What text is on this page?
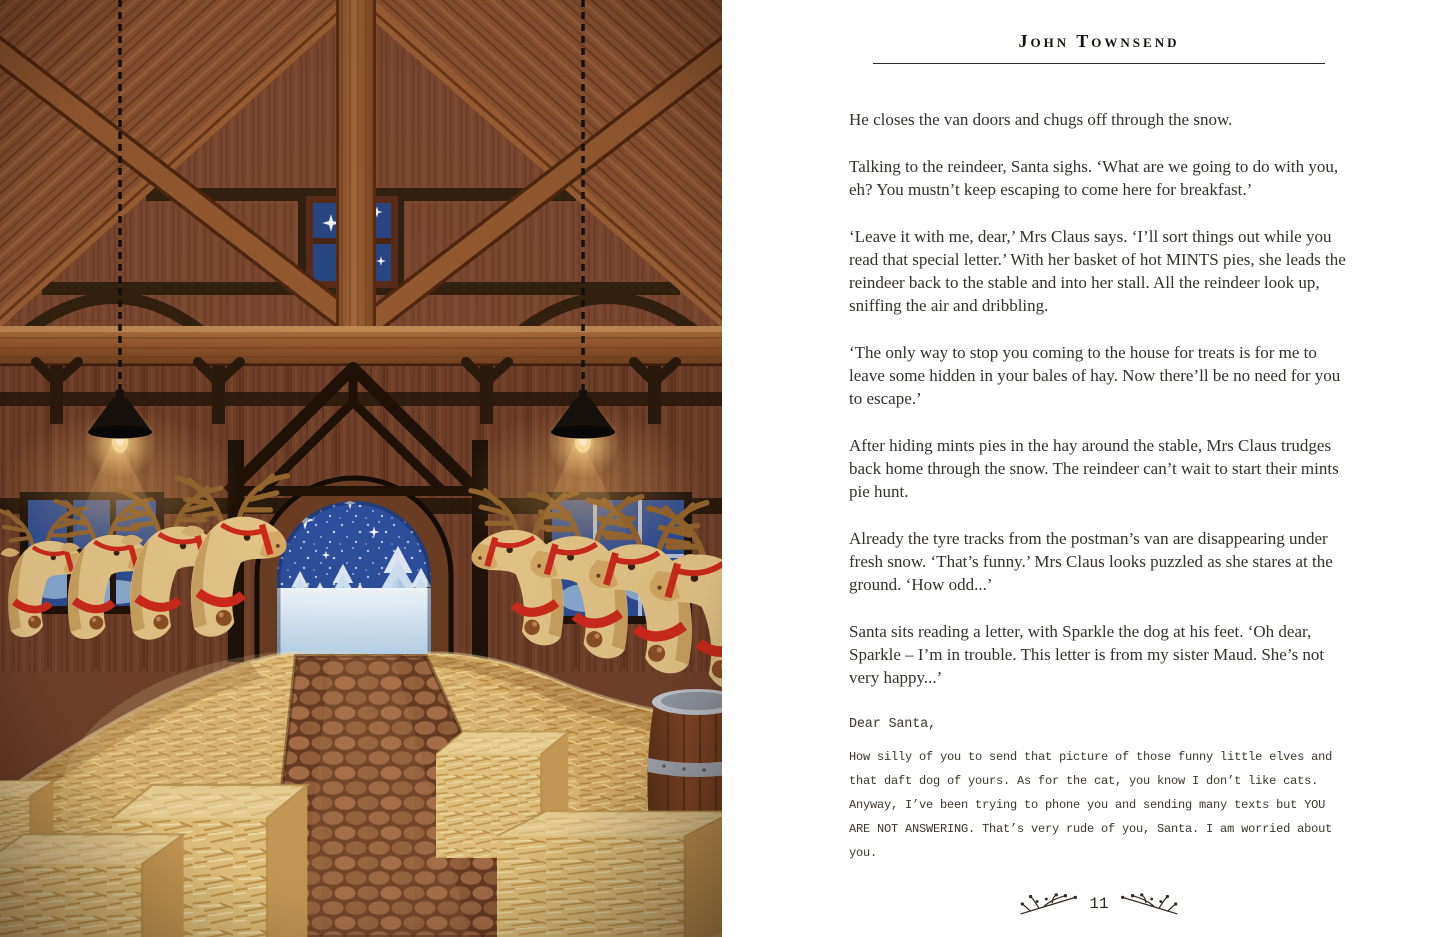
John Townsend

He closes the van doors and chugs off through the snow.

Talking to the reindeer, Santa sighs. ‘What are we going to do with you, eh? You mustn’t keep escaping to come here for breakfast.’

‘Leave it with me, dear,’ Mrs Claus says. ‘I’ll sort things out while you read that special letter.’ With her basket of hot MINTS pies, she leads the reindeer back to the stable and into her stall. All the reindeer look up, sniffing the air and dribbling.

‘The only way to stop you coming to the house for treats is for me to leave some hidden in your bales of hay. Now there’ll be no need for you to escape.’

After hiding mints pies in the hay around the stable, Mrs Claus trudges back home through the snow. The reindeer can’t wait to start their mints pie hunt.

Already the tyre tracks from the postman’s van are disappearing under fresh snow. ‘That’s funny.’ Mrs Claus looks puzzled as she stares at the ground. ‘How odd...’

Santa sits reading a letter, with Sparkle the dog at his feet. ‘Oh dear, Sparkle – I’m in trouble. This letter is from my sister Maud. She’s not very happy...’

Dear Santa,

How silly of you to send that picture of those funny little elves and that daft dog of yours. As for the cat, you know I don’t like cats. Anyway, I’ve been trying to phone you and sending many texts but YOU ARE NOT ANSWERING. That’s very rude of you, Santa. I am worried about you.

11
